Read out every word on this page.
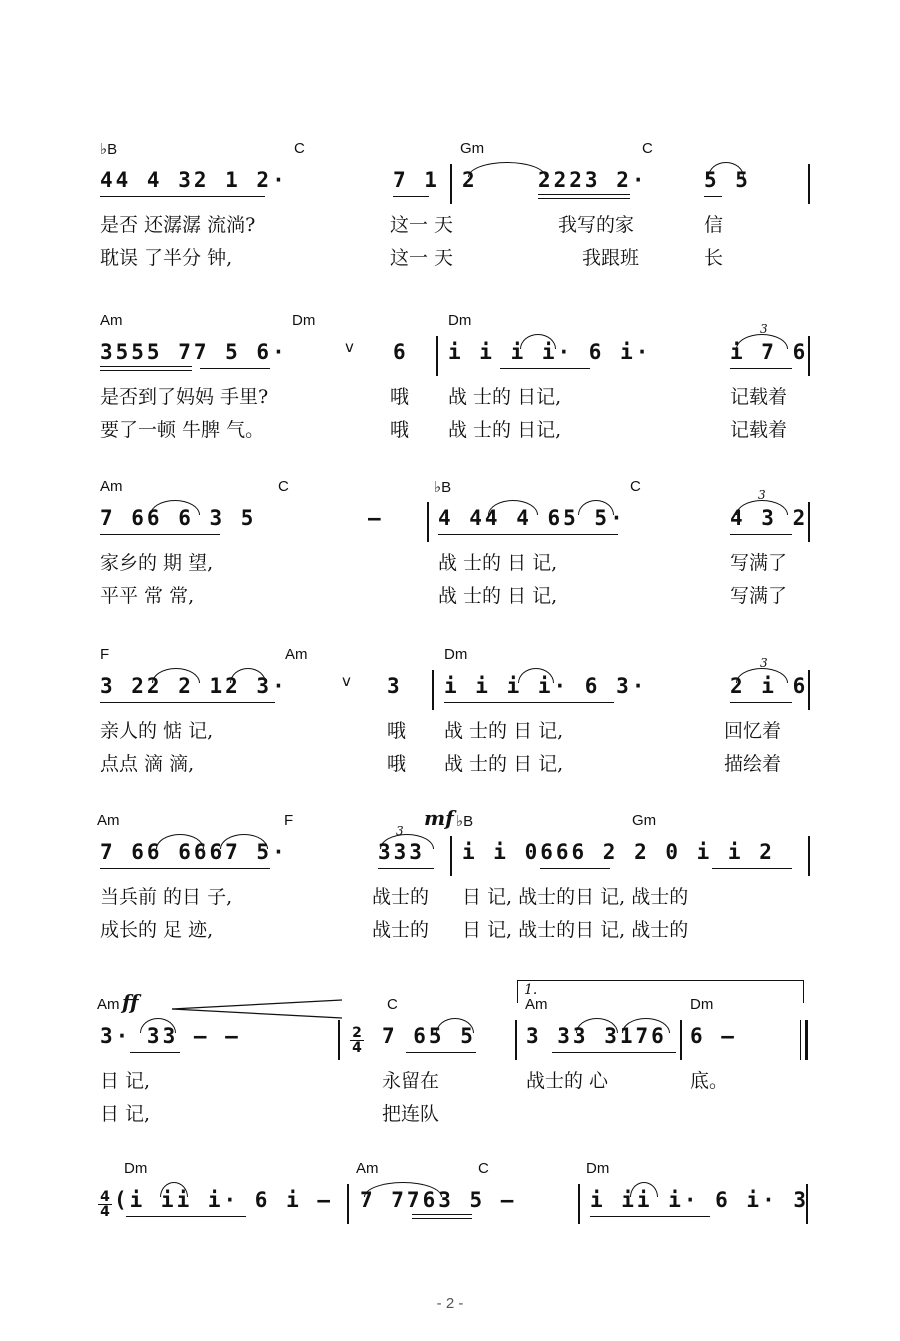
♭B	C	Gm	C
44 4 32 1 2·	7 1 2	2223 2·	5 5
是否 还潺潺 流淌?	这一 天	我写的家	信
耽误 了半分 钟,	这一 天	我跟班	长
Am	Dm	Dm
v
3
3555 77 5 6·	6 i i i i· 6 i·	i 7 6
是否到了妈妈 手里?	哦 战 士的 日记,	记载着
要了一顿 牛脾 气。	哦 战 士的 日记,	记载着
Am	C	♭B	C	3
7 66 6 3 5	–	4 44 4 65 5·	4 3 2
家乡的 期 望,	战 士的 日 记,	写满了
平平 常 常,	战 士的 日 记,	写满了
F	Am	Dm
v
3
3 22 2 12 3·	3 i i i i· 6 3·	2 i 6
亲人的 惦 记,	哦 战 士的 日 记,	回忆着
点点 滴 滴,	哦 战 士的 日 记,	描绘着
Am	F	mf ♭B	Gm
3
7 66 6667 5·	333 i i 0666 2 2 0 i i 2
当兵前 的日 子,	战士的 日 记, 战士的日 记, 战士的
成长的 足 迹,	战士的 日 记, 战士的日 记, 战士的
Am ff	C
1.
Am	Dm
3· 33 – –	2
4 7 65 5 3 33 3176 6 –
日 记,	永留在	战士的 心	底。
日 记,	把连队
Dm	Am	C	Dm
4
4 (i ii i· 6 i – 7 7763 5 –	i ii i· 6 i· 3
- 2 -
